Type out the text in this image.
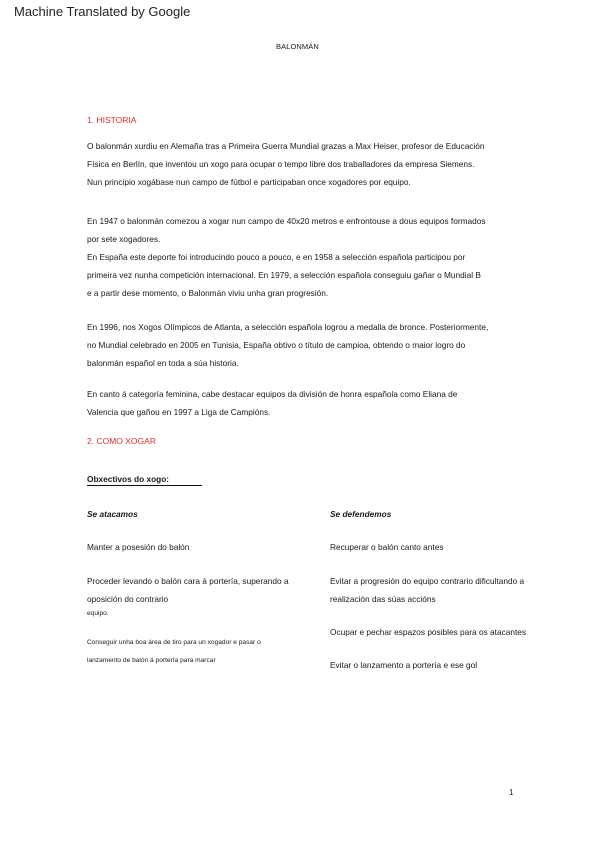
Machine Translated by Google
BALONMÁN
1. HISTORIA
O balonmán xurdiu en Alemaña tras a Primeira Guerra Mundial grazas a Max Heiser, profesor de Educación
Física en Berlín, que inventou un xogo para ocupar o tempo libre dos traballadores da empresa Siemens.
Nun principio xogábase nun campo de fútbol e participaban once xogadores por equipo.
En 1947 o balonmán comezou a xogar nun campo de 40x20 metros e enfrontouse a dous equipos formados
por sete xogadores.
En España este deporte foi introducindo pouco a pouco, e en 1958 a selección española participou por
primeira vez nunha competición internacional. En 1979, a selección española conseguiu gañar o Mundial B
e a partir dese momento, o Balonmán viviu unha gran progresión.
En 1996, nos Xogos Olímpicos de Atlanta, a selección española logrou a medalla de bronce. Posteriormente,
no Mundial celebrado en 2005 en Tunisia, España obtivo o título de campioa, obtendo o maior logro do
balonmán español en toda a súa historia.
En canto á categoría feminina, cabe destacar equipos da división de honra española como Eliana de
Valencia que gañou en 1997 a Liga de Campións.
2. COMO XOGAR
Obxectivos do xogo:
Se atacamos	Se defendemos
Manter a posesión do balón
Proceder levando o balón cara á portería, superando a
oposición do contrario
equipo.
Conseguir unha boa área de tiro para un xogador e pasar o
lanzamento de balón á portería para marcar
Recuperar o balón canto antes
Evitar a progresión do equipo contrario dificultando a
realización das súas accións
Ocupar e pechar espazos posibles para os atacantes
Evitar o lanzamento a portería e ese gol
1
